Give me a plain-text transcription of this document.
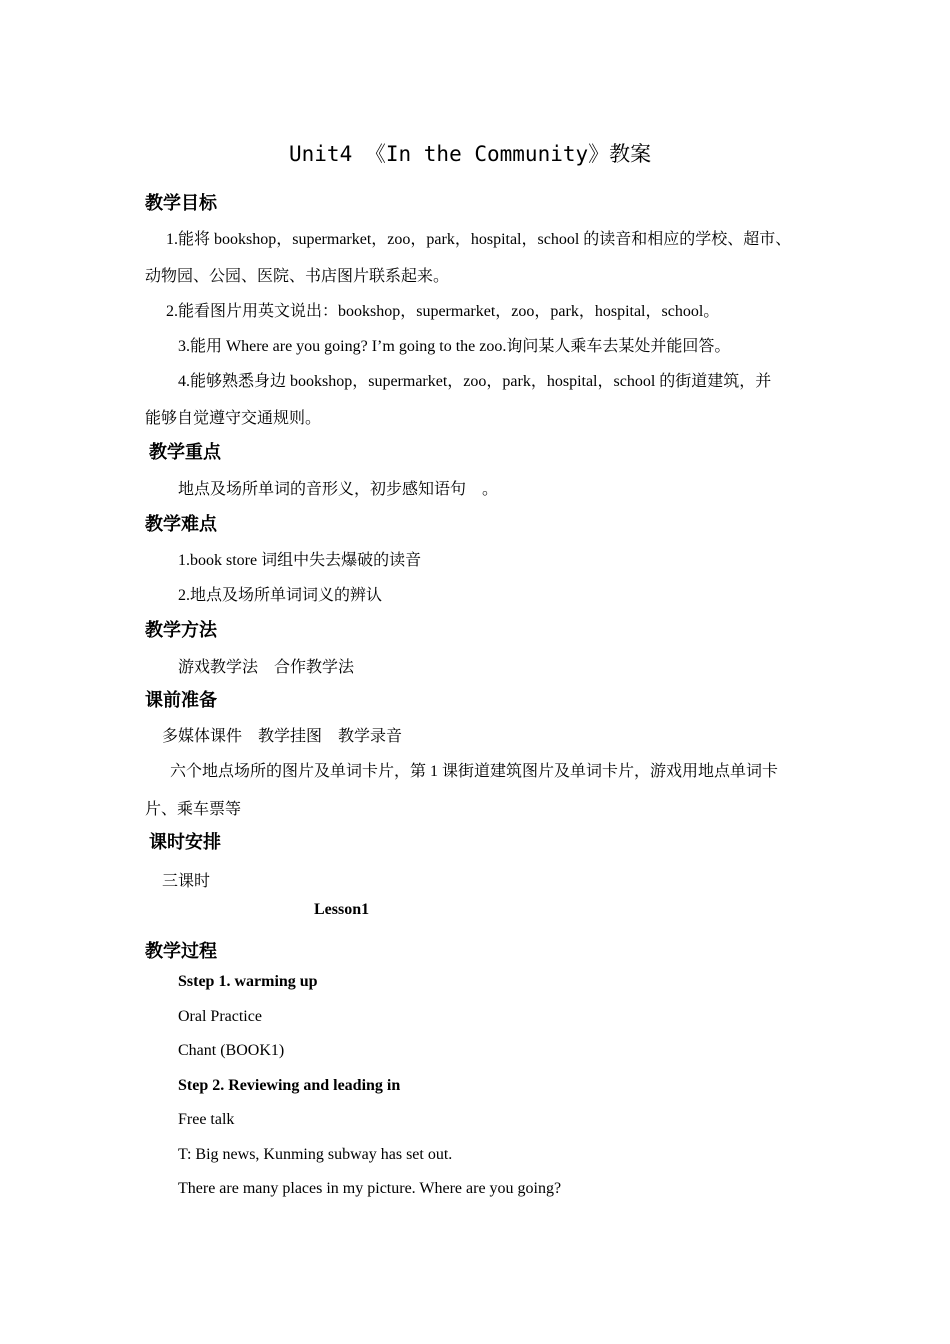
Unit4 《In the Community》教案
教学目标
1.能将 bookshop，supermarket，zoo，park，hospital，school 的读音和相应的学校、超市、
动物园、公园、医院、书店图片联系起来。
2.能看图片用英文说出：bookshop，supermarket，zoo，park，hospital，school。
3.能用 Where are you going? I’m going to the zoo.询问某人乘车去某处并能回答。
4.能够熟悉身边 bookshop，supermarket，zoo，park，hospital，school 的街道建筑，并
能够自觉遵守交通规则。
教学重点
地点及场所单词的音形义，初步感知语句　。
教学难点
1.book store 词组中失去爆破的读音
2.地点及场所单词词义的辨认
教学方法
游戏教学法　合作教学法
课前准备
多媒体课件　教学挂图　教学录音
六个地点场所的图片及单词卡片，第 1 课街道建筑图片及单词卡片，游戏用地点单词卡
片、乘车票等
课时安排
三课时
Lesson1
教学过程
Sstep 1. warming up
Oral Practice
Chant (BOOK1)
Step 2. Reviewing and leading in
Free talk
T: Big news, Kunming subway has set out.
There are many places in my picture. Where are you going?
